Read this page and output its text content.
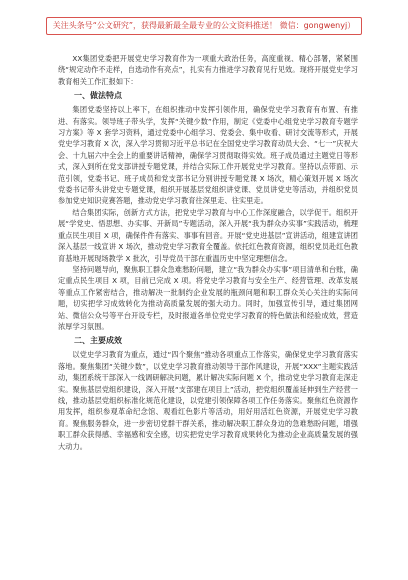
关注头条号“公文研究”，获得最新最全最专业的公文资料推送！ 微信：gongwenyj）

XX集团党委把开展党史学习教育作为一项重大政治任务，高度重视、精心部署，紧紧围绕“规定动作不走样，自选动作有亮点”，扎实有力推进学习教育见行见效。现将开展党史学习教育相关工作汇报如下：

一、做法特点

集团党委坚持以上率下，在组织推动中发挥引领作用，确保党史学习教育有布置、有推进、有落实。领导班子带头学，发挥“关键少数”作用，制定《党委中心组党史学习教育专题学习方案》等 X 套学习资料，通过党委中心组学习、党委会、集中收看、研讨交流等形式，开展党史学习教育 X 次，深入学习贯彻习近平总书记在全国党史学习教育动员大会、“七一”庆祝大会、十九届六中全会上的重要讲话精神，确保学习贯彻取得实效。班子成员通过主题党日等形式，深入到所在党支部讲授专题党课，并结合实际工作开展党史学习教育。坚持以点带面、示范引领，党委书记、班子成员和党支部书记分别讲授专题党课 X 场次，精心策划开展 X 场次党委书记带头讲党史专题党课，组织开展基层党组织讲党课、党员讲党史等活动，并组织党员参加党史知识竞赛答题，推动党史学习教育往深里走、往实里走。

结合集团实际，创新方式方法，把党史学习教育与中心工作深度融合，以学促干。组织开展“学党史、悟思想、办实事、开新局”专题活动，深入开展“我为群众办实事”实践活动，梳理重点民生项目 X 项，确保件件有落实、事事有回音。开展“党史进基层”宣讲活动，组建宣讲团深入基层一线宣讲 X 场次，推动党史学习教育全覆盖。依托红色教育资源，组织党员赴红色教育基地开展现场教学 X 批次，引导党员干部在重温历史中坚定理想信念。

坚持问题导向，聚焦职工群众急难愁盼问题，建立“我为群众办实事”项目清单和台账，确定重点民生项目 X 项，目前已完成 X 项。将党史学习教育与安全生产、经营管理、改革发展等重点工作紧密结合，推动解决一批制约企业发展的瓶颈问题和职工群众关心关注的实际问题，切实把学习成效转化为推动高质量发展的强大动力。同时，加强宣传引导，通过集团网站、微信公众号等平台开设专栏，及时报道各单位党史学习教育的特色做法和经验成效，营造浓厚学习氛围。

二、主要成效

以党史学习教育为重点，通过“四个聚焦”推动各项重点工作落实，确保党史学习教育落实落地。聚焦集团“关键少数”，以党史学习教育推动领导干部作风建设，开展“XXX”主题实践活动，集团系统干部深入一线调研解决问题，累计解决实际问题 X 个，推动党史学习教育走深走实。聚焦基层党组织建设，深入开展“支部建在项目上”活动，把党组织覆盖延伸到生产经营一线，推动基层党组织标准化规范化建设，以党建引领保障各项工作任务落实。聚焦红色资源作用发挥，组织参观革命纪念馆、观看红色影片等活动，用好用活红色资源，开展党史学习教育。聚焦服务群众，进一步密切党群干群关系，推动解决职工群众身边的急难愁盼问题，增强职工群众获得感、幸福感和安全感，切实把党史学习教育成果转化为推动企业高质量发展的强大动力。
